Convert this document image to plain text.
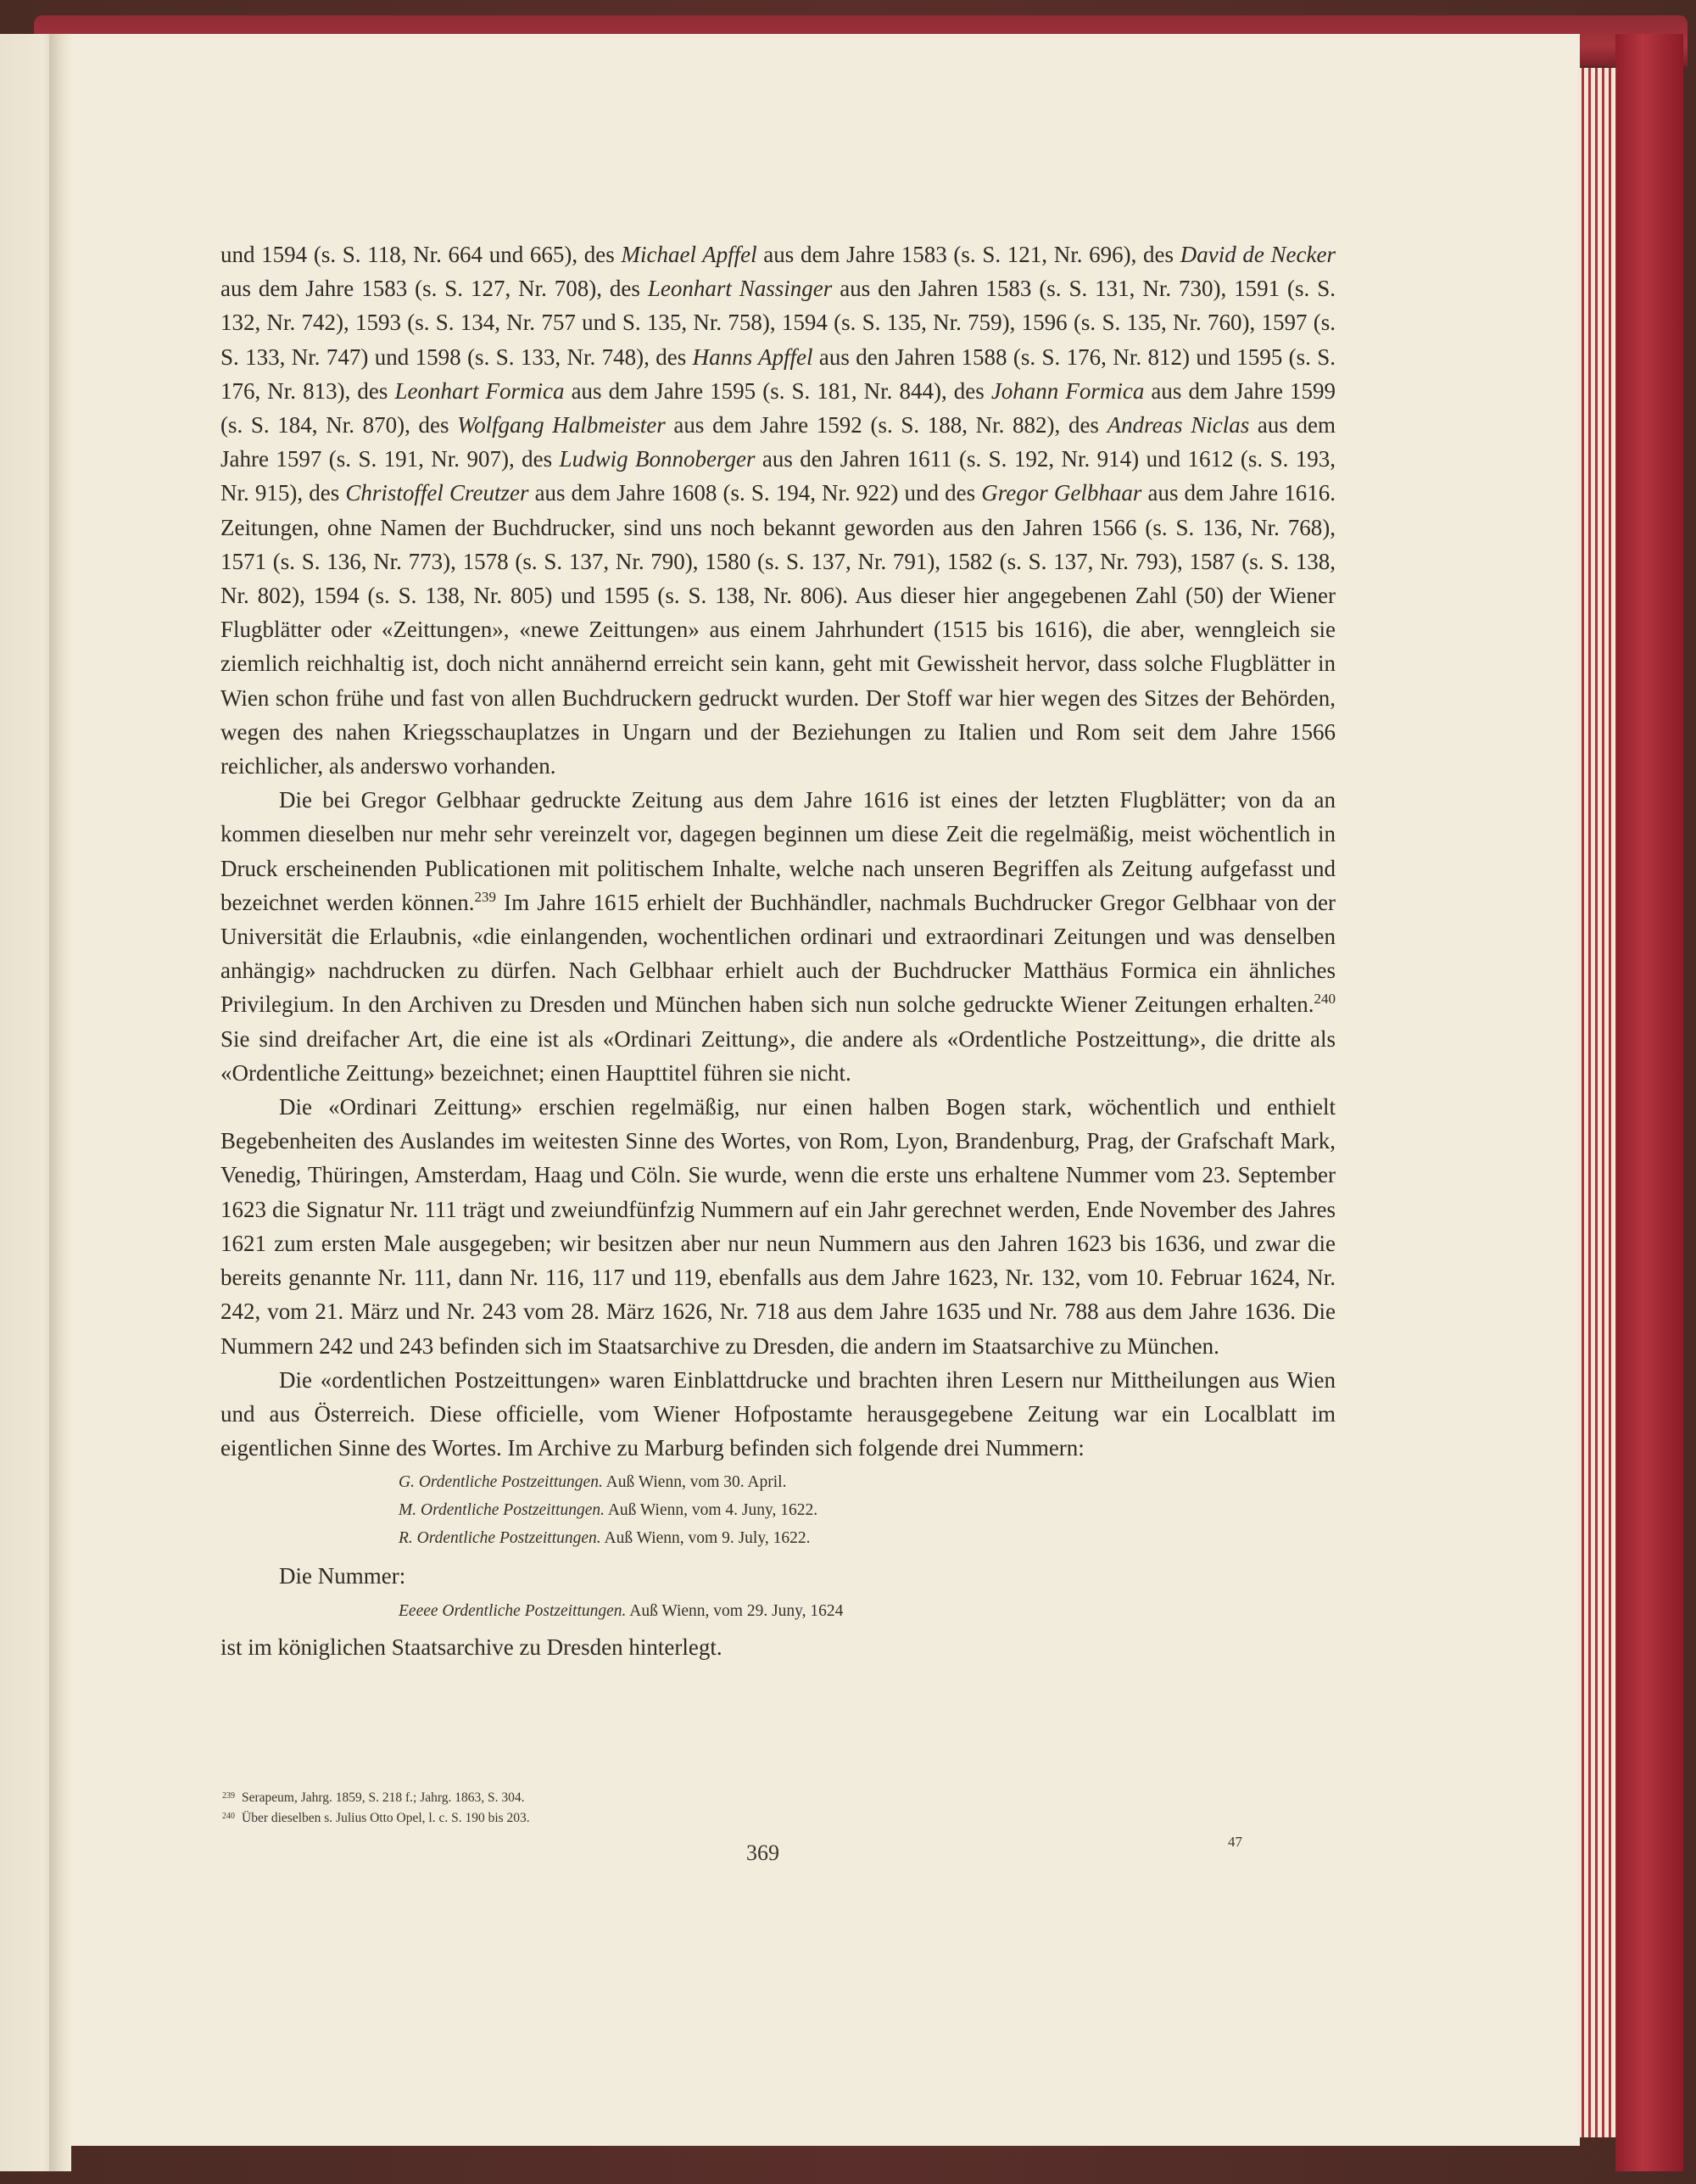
und 1594 (s. S. 118, Nr. 664 und 665), des Michael Apffel aus dem Jahre 1583 (s. S. 121, Nr. 696), des David de Necker aus dem Jahre 1583 (s. S. 127, Nr. 708), des Leonhart Nassinger aus den Jahren 1583 (s. S. 131, Nr. 730), 1591 (s. S. 132, Nr. 742), 1593 (s. S. 134, Nr. 757 und S. 135, Nr. 758), 1594 (s. S. 135, Nr. 759), 1596 (s. S. 135, Nr. 760), 1597 (s. S. 133, Nr. 747) und 1598 (s. S. 133, Nr. 748), des Hanns Apffel aus den Jahren 1588 (s. S. 176, Nr. 812) und 1595 (s. S. 176, Nr. 813), des Leonhart Formica aus dem Jahre 1595 (s. S. 181, Nr. 844), des Johann Formica aus dem Jahre 1599 (s. S. 184, Nr. 870), des Wolfgang Halbmeister aus dem Jahre 1592 (s. S. 188, Nr. 882), des Andreas Niclas aus dem Jahre 1597 (s. S. 191, Nr. 907), des Ludwig Bonnoberger aus den Jahren 1611 (s. S. 192, Nr. 914) und 1612 (s. S. 193, Nr. 915), des Christoffel Creutzer aus dem Jahre 1608 (s. S. 194, Nr. 922) und des Gregor Gelbhaar aus dem Jahre 1616. Zeitungen, ohne Namen der Buchdrucker, sind uns noch bekannt geworden aus den Jahren 1566 (s. S. 136, Nr. 768), 1571 (s. S. 136, Nr. 773), 1578 (s. S. 137, Nr. 790), 1580 (s. S. 137, Nr. 791), 1582 (s. S. 137, Nr. 793), 1587 (s. S. 138, Nr. 802), 1594 (s. S. 138, Nr. 805) und 1595 (s. S. 138, Nr. 806). Aus dieser hier angegebenen Zahl (50) der Wiener Flugblätter oder «Zeittungen», «newe Zeittungen» aus einem Jahrhundert (1515 bis 1616), die aber, wenngleich sie ziemlich reichhaltig ist, doch nicht annähernd erreicht sein kann, geht mit Gewissheit hervor, dass solche Flugblätter in Wien schon frühe und fast von allen Buchdruckern gedruckt wurden. Der Stoff war hier wegen des Sitzes der Behörden, wegen des nahen Kriegsschauplatzes in Ungarn und der Beziehungen zu Italien und Rom seit dem Jahre 1566 reichlicher, als anderswo vorhanden.

Die bei Gregor Gelbhaar gedruckte Zeitung aus dem Jahre 1616 ist eines der letzten Flugblätter; von da an kommen dieselben nur mehr sehr vereinzelt vor, dagegen beginnen um diese Zeit die regelmäßig, meist wöchentlich in Druck erscheinenden Publicationen mit politischem Inhalte, welche nach unseren Begriffen als Zeitung aufgefasst und bezeichnet werden können.$^{239}$ Im Jahre 1615 erhielt der Buchhändler, nachmals Buchdrucker Gregor Gelbhaar von der Universität die Erlaubnis, «die einlangenden, wochentlichen ordinari und extraordinari Zeitungen und was denselben anhängig» nachdrucken zu dürfen. Nach Gelbhaar erhielt auch der Buchdrucker Matthäus Formica ein ähnliches Privilegium. In den Archiven zu Dresden und München haben sich nun solche gedruckte Wiener Zeitungen erhalten.$^{240}$ Sie sind dreifacher Art, die eine ist als «Ordinari Zeittung», die andere als «Ordentliche Postzeittung», die dritte als «Ordentliche Zeittung» bezeichnet; einen Haupttitel führen sie nicht.

Die «Ordinari Zeittung» erschien regelmäßig, nur einen halben Bogen stark, wöchentlich und enthielt Begebenheiten des Auslandes im weitesten Sinne des Wortes, von Rom, Lyon, Brandenburg, Prag, der Grafschaft Mark, Venedig, Thüringen, Amsterdam, Haag und Cöln. Sie wurde, wenn die erste uns erhaltene Nummer vom 23. September 1623 die Signatur Nr. 111 trägt und zweiundfünfzig Nummern auf ein Jahr gerechnet werden, Ende November des Jahres 1621 zum ersten Male ausgegeben; wir besitzen aber nur neun Nummern aus den Jahren 1623 bis 1636, und zwar die bereits genannte Nr. 111, dann Nr. 116, 117 und 119, ebenfalls aus dem Jahre 1623, Nr. 132, vom 10. Februar 1624, Nr. 242, vom 21. März und Nr. 243 vom 28. März 1626, Nr. 718 aus dem Jahre 1635 und Nr. 788 aus dem Jahre 1636. Die Nummern 242 und 243 befinden sich im Staatsarchive zu Dresden, die andern im Staatsarchive zu München.

Die «ordentlichen Postzeittungen» waren Einblattdrucke und brachten ihren Lesern nur Mittheilungen aus Wien und aus Österreich. Diese officielle, vom Wiener Hofpostamte herausgegebene Zeitung war ein Localblatt im eigentlichen Sinne des Wortes. Im Archive zu Marburg befinden sich folgende drei Nummern:

G. Ordentliche Postzeittungen. Auß Wienn, vom 30. April.
M. Ordentliche Postzeittungen. Auß Wienn, vom 4. Juny, 1622.
R. Ordentliche Postzeittungen. Auß Wienn, vom 9. July, 1622.
Die Nummer:
Eeeee Ordentliche Postzeittungen. Auß Wienn, vom 29. Juny, 1624

ist im königlichen Staatsarchive zu Dresden hinterlegt.

$^{239}$ Serapeum, Jahrg. 1859, S. 218 f.; Jahrg. 1863, S. 304.
$^{240}$ Über dieselben s. Julius Otto Opel, l. c. S. 190 bis 203.
369	47
